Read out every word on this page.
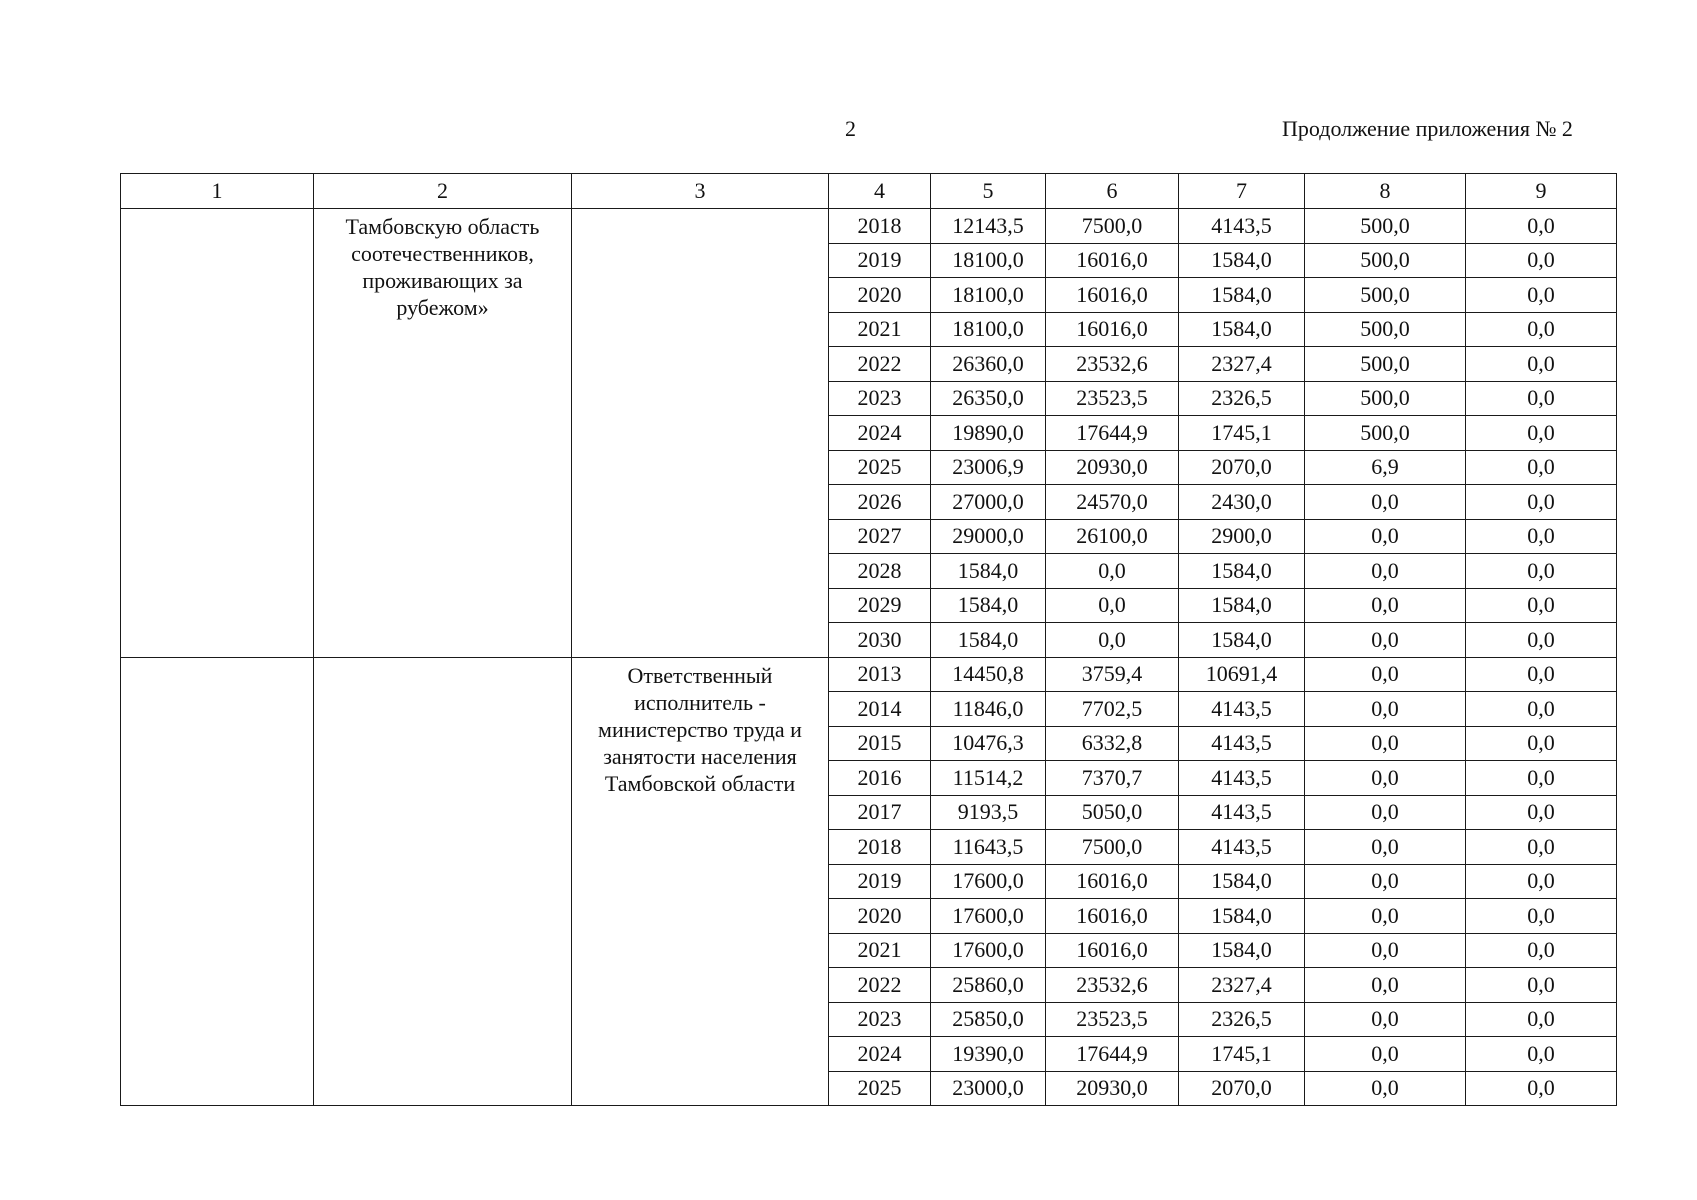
2	Продолжение приложения № 2
1	2	3	4	5	6	7	8	9
	Тамбовскую область соотечественников, проживающих за рубежом»		2018	12143,5	7500,0	4143,5	500,0	0,0
			2019	18100,0	16016,0	1584,0	500,0	0,0
			2020	18100,0	16016,0	1584,0	500,0	0,0
			2021	18100,0	16016,0	1584,0	500,0	0,0
			2022	26360,0	23532,6	2327,4	500,0	0,0
			2023	26350,0	23523,5	2326,5	500,0	0,0
			2024	19890,0	17644,9	1745,1	500,0	0,0
			2025	23006,9	20930,0	2070,0	6,9	0,0
			2026	27000,0	24570,0	2430,0	0,0	0,0
			2027	29000,0	26100,0	2900,0	0,0	0,0
			2028	1584,0	0,0	1584,0	0,0	0,0
			2029	1584,0	0,0	1584,0	0,0	0,0
			2030	1584,0	0,0	1584,0	0,0	0,0
		Ответственный исполнитель - министерство труда и занятости населения Тамбовской области	2013	14450,8	3759,4	10691,4	0,0	0,0
			2014	11846,0	7702,5	4143,5	0,0	0,0
			2015	10476,3	6332,8	4143,5	0,0	0,0
			2016	11514,2	7370,7	4143,5	0,0	0,0
			2017	9193,5	5050,0	4143,5	0,0	0,0
			2018	11643,5	7500,0	4143,5	0,0	0,0
			2019	17600,0	16016,0	1584,0	0,0	0,0
			2020	17600,0	16016,0	1584,0	0,0	0,0
			2021	17600,0	16016,0	1584,0	0,0	0,0
			2022	25860,0	23532,6	2327,4	0,0	0,0
			2023	25850,0	23523,5	2326,5	0,0	0,0
			2024	19390,0	17644,9	1745,1	0,0	0,0
			2025	23000,0	20930,0	2070,0	0,0	0,0
